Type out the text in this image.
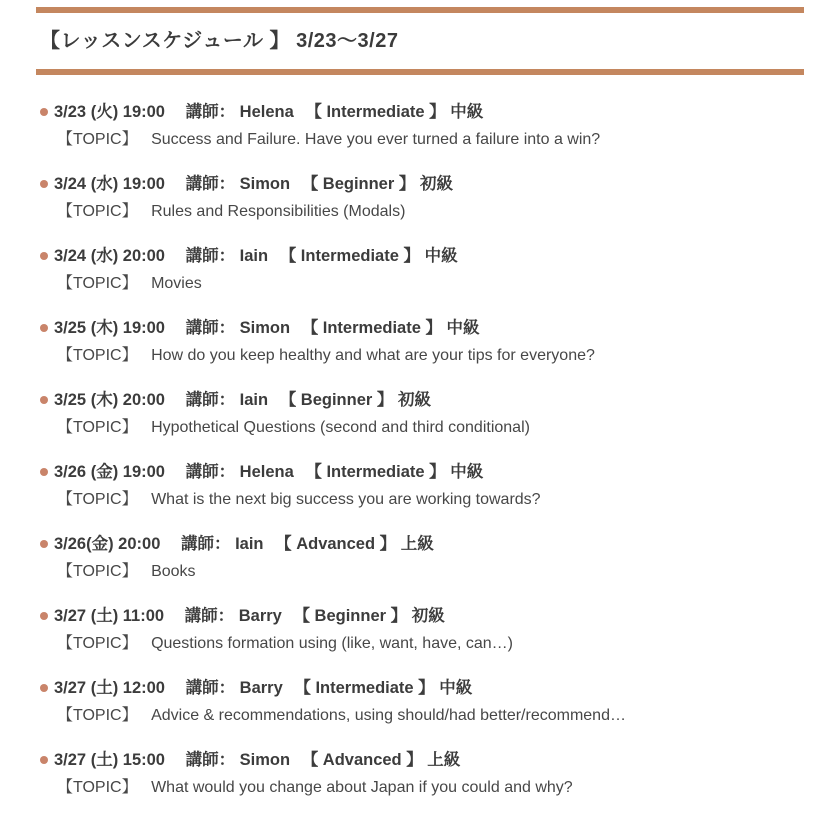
【レッスンスケジュール 】 3/23〜3/27
3/23 (火) 19:00 講師： Helena 【 Intermediate 】 中級
【TOPIC】 Success and Failure. Have you ever turned a failure into a win?
3/24 (水) 19:00 講師： Simon 【 Beginner 】 初級
【TOPIC】 Rules and Responsibilities (Modals)
3/24 (水) 20:00 講師： Iain 【 Intermediate 】 中級
【TOPIC】 Movies
3/25 (木) 19:00 講師： Simon 【 Intermediate 】 中級
【TOPIC】 How do you keep healthy and what are your tips for everyone?
3/25 (木) 20:00 講師： Iain 【 Beginner 】 初級
【TOPIC】 Hypothetical Questions (second and third conditional)
3/26 (金) 19:00 講師： Helena 【 Intermediate 】 中級
【TOPIC】 What is the next big success you are working towards?
3/26(金) 20:00 講師： Iain 【 Advanced 】 上級
【TOPIC】 Books
3/27 (土) 11:00 講師： Barry 【 Beginner 】 初級
【TOPIC】 Questions formation using (like, want, have, can…)
3/27 (土) 12:00 講師： Barry 【 Intermediate 】 中級
【TOPIC】 Advice & recommendations, using should/had better/recommend…
3/27 (土) 15:00 講師： Simon 【 Advanced 】 上級
【TOPIC】 What would you change about Japan if you could and why?
